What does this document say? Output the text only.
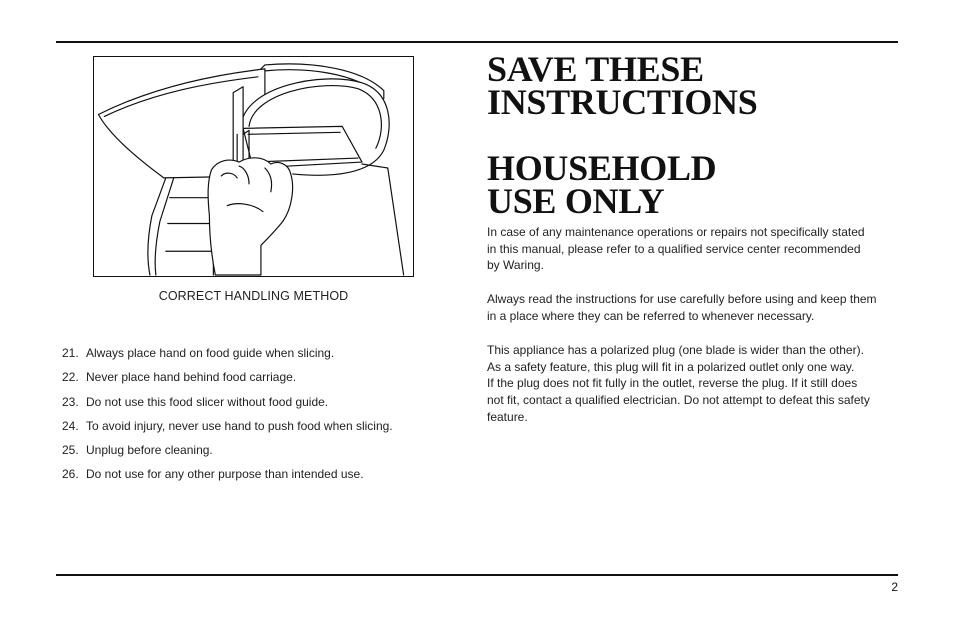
CORRECT HANDLING METHOD
21. Always place hand on food guide when slicing.
22. Never place hand behind food carriage.
23. Do not use this food slicer without food guide.
24. To avoid injury, never use hand to push food when slicing.
25. Unplug before cleaning.
26. Do not use for any other purpose than intended use.
SAVE THESE
INSTRUCTIONS
HOUSEHOLD
USE ONLY

In case of any maintenance operations or repairs not specifically stated
in this manual, please refer to a qualified service center recommended
by Waring.

Always read the instructions for use carefully before using and keep them
in a place where they can be referred to whenever necessary.

This appliance has a polarized plug (one blade is wider than the other).
As a safety feature, this plug will fit in a polarized outlet only one way.
If the plug does not fit fully in the outlet, reverse the plug. If it still does
not fit, contact a qualified electrician. Do not attempt to defeat this safety
feature.

2
